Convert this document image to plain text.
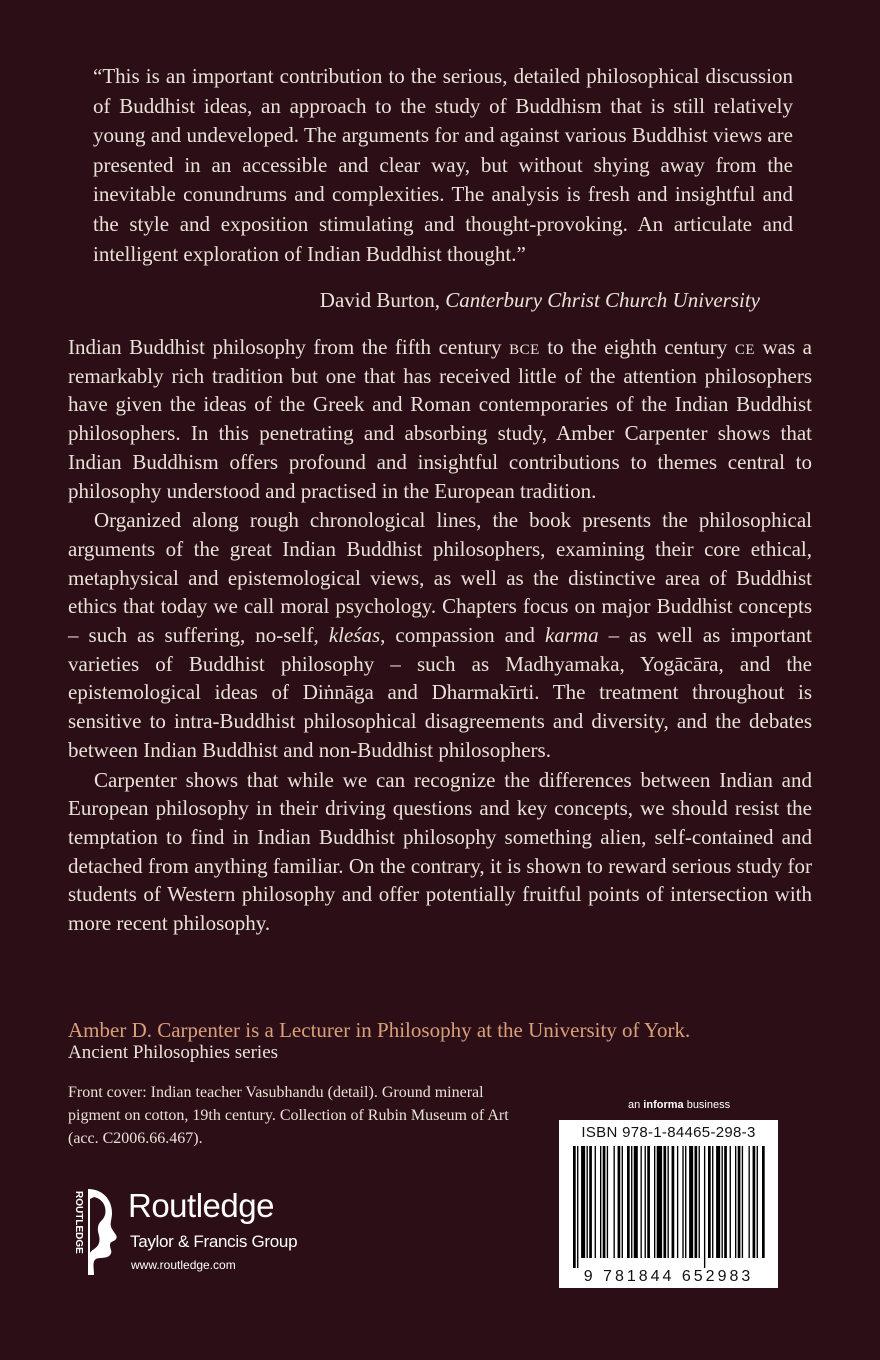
“This is an important contribution to the serious, detailed philosophical discussion of Buddhist ideas, an approach to the study of Buddhism that is still relatively young and undeveloped. The arguments for and against various Buddhist views are presented in an accessible and clear way, but without shying away from the inevitable conundrums and complexities. The analysis is fresh and insightful and the style and exposition stimulating and thought-provoking. An articulate and intelligent exploration of Indian Buddhist thought.”
David Burton, Canterbury Christ Church University

Indian Buddhist philosophy from the fifth century bce to the eighth century ce was a remarkably rich tradition but one that has received little of the attention philosophers have given the ideas of the Greek and Roman contemporaries of the Indian Buddhist philosophers. In this penetrating and absorbing study, Amber Carpenter shows that Indian Buddhism offers profound and insightful contributions to themes central to philosophy understood and practised in the European tradition.

Organized along rough chronological lines, the book presents the philosophical arguments of the great Indian Buddhist philosophers, examining their core ethical, metaphysical and epistemological views, as well as the distinctive area of Buddhist ethics that today we call moral psychology. Chapters focus on major Buddhist concepts – such as suffering, no-self, kleśas, compassion and karma – as well as important varieties of Buddhist philosophy – such as Madhyamaka, Yogācāra, and the epistemological ideas of Diṅnāga and Dharmakīrti. The treatment throughout is sensitive to intra-Buddhist philosophical disagreements and diversity, and the debates between Indian Buddhist and non-Buddhist philosophers.

Carpenter shows that while we can recognize the differences between Indian and European philosophy in their driving questions and key concepts, we should resist the temptation to find in Indian Buddhist philosophy something alien, self-contained and detached from anything familiar. On the contrary, it is shown to reward serious study for students of Western philosophy and offer potentially fruitful points of intersection with more recent philosophy.

Amber D. Carpenter is a Lecturer in Philosophy at the University of York.
Ancient Philosophies series
Front cover: Indian teacher Vasubhandu (detail). Ground mineral pigment on cotton, 19th century. Collection of Rubin Museum of Art (acc. C2006.66.467).
an informa business
ISBN 978-1-84465-298-3
9 781844 652983
ROUTLEDGE Routledge
Taylor & Francis Group
www.routledge.com
